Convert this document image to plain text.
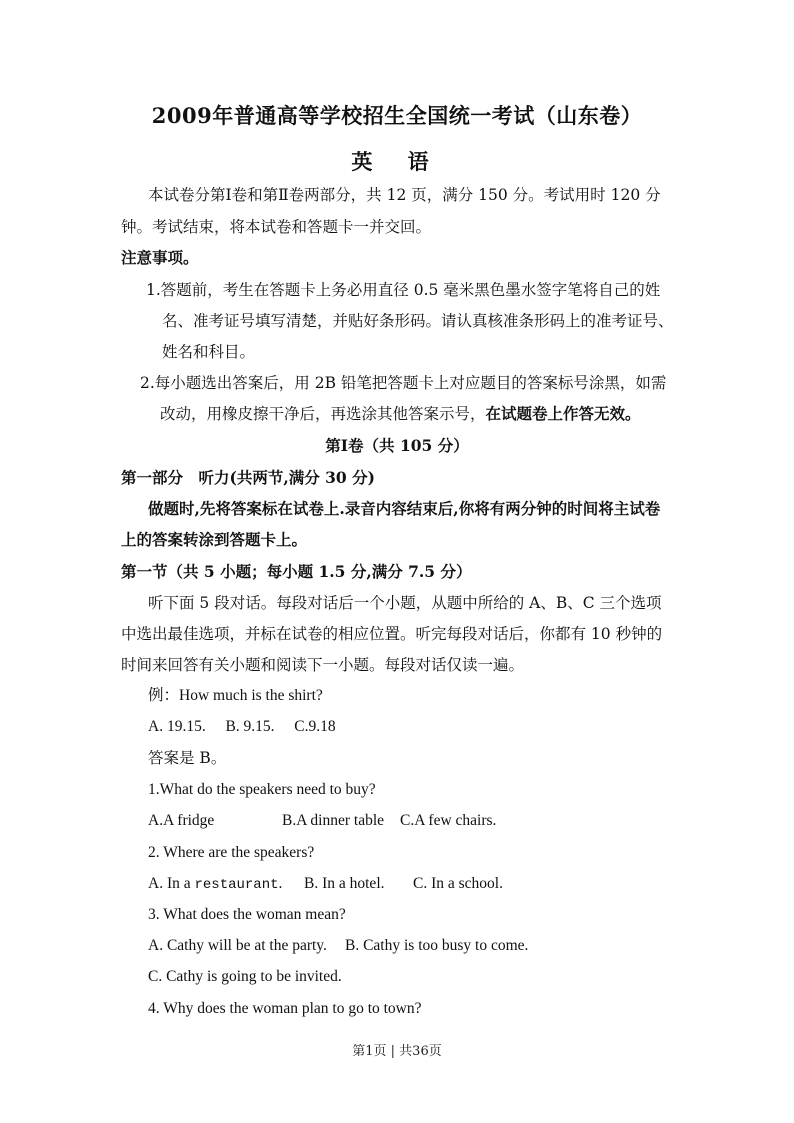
2009年普通高等学校招生全国统一考试（山东卷）
英 语
本试卷分第Ⅰ卷和第Ⅱ卷两部分，共 12 页，满分 150 分。考试用时 120 分
钟。考试结束，将本试卷和答题卡一并交回。
注意事项。
1.答题前，考生在答题卡上务必用直径 0.5 毫米黑色墨水签字笔将自己的姓
名、准考证号填写清楚，并贴好条形码。请认真核准条形码上的准考证号、
姓名和科目。
2.每小题选出答案后，用 2B 铅笔把答题卡上对应题目的答案标号涂黑，如需
改动，用橡皮擦干净后，再选涂其他答案示号，在试题卷上作答无效。
第Ⅰ卷（共 105 分）
第一部分　听力(共两节,满分 30 分)
做题时,先将答案标在试卷上.录音内容结束后,你将有两分钟的时间将主试卷
上的答案转涂到答题卡上。
第一节（共 5 小题；每小题 1.5 分,满分 7.5 分）
听下面 5 段对话。每段对话后一个小题，从题中所给的 A、B、C 三个选项
中选出最佳选项，并标在试卷的相应位置。听完每段对话后，你都有 10 秒钟的
时间来回答有关小题和阅读下一小题。每段对话仅读一遍。
例：How much is the shirt?
A. 19.15. B. 9.15. C.9.18
答案是 B。
1.What do the speakers need to buy?
A.A fridge	B.A dinner table C.A few chairs.
2. Where are the speakers?
A. In a restaurant. B. In a hotel. C. In a school.
3. What does the woman mean?
A. Cathy will be at the party. B. Cathy is too busy to come.
C. Cathy is going to be invited.
4. Why does the woman plan to go to town?
第1页 | 共36页
